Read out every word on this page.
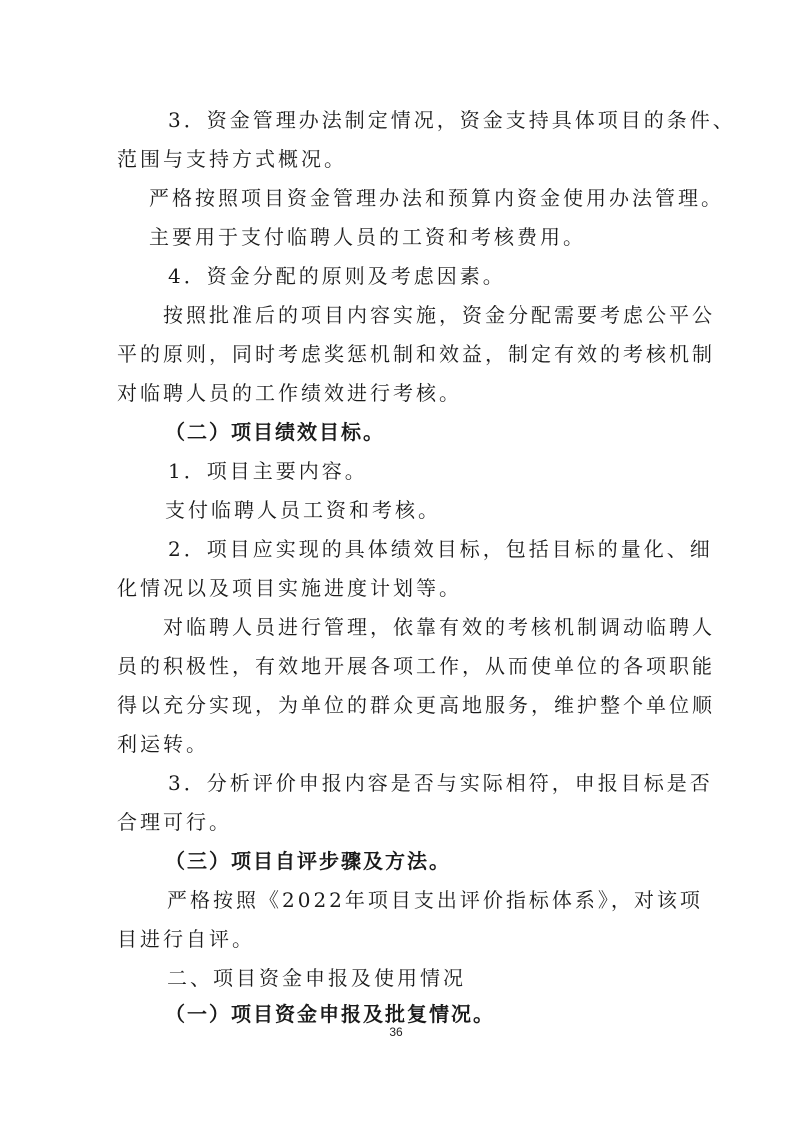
3．资金管理办法制定情况，资金支持具体项目的条件、
范围与支持方式概况。
严格按照项目资金管理办法和预算内资金使用办法管理。
主要用于支付临聘人员的工资和考核费用。
4．资金分配的原则及考虑因素。
按照批准后的项目内容实施，资金分配需要考虑公平公
平的原则，同时考虑奖惩机制和效益，制定有效的考核机制
对临聘人员的工作绩效进行考核。
（二）项目绩效目标。
1．项目主要内容。
支付临聘人员工资和考核。
2．项目应实现的具体绩效目标，包括目标的量化、细
化情况以及项目实施进度计划等。
对临聘人员进行管理，依靠有效的考核机制调动临聘人
员的积极性，有效地开展各项工作，从而使单位的各项职能
得以充分实现，为单位的群众更高地服务，维护整个单位顺
利运转。
3．分析评价申报内容是否与实际相符，申报目标是否
合理可行。
（三）项目自评步骤及方法。
严格按照《2022年项目支出评价指标体系》，对该项
目进行自评。
二、项目资金申报及使用情况
（一）项目资金申报及批复情况。
36
